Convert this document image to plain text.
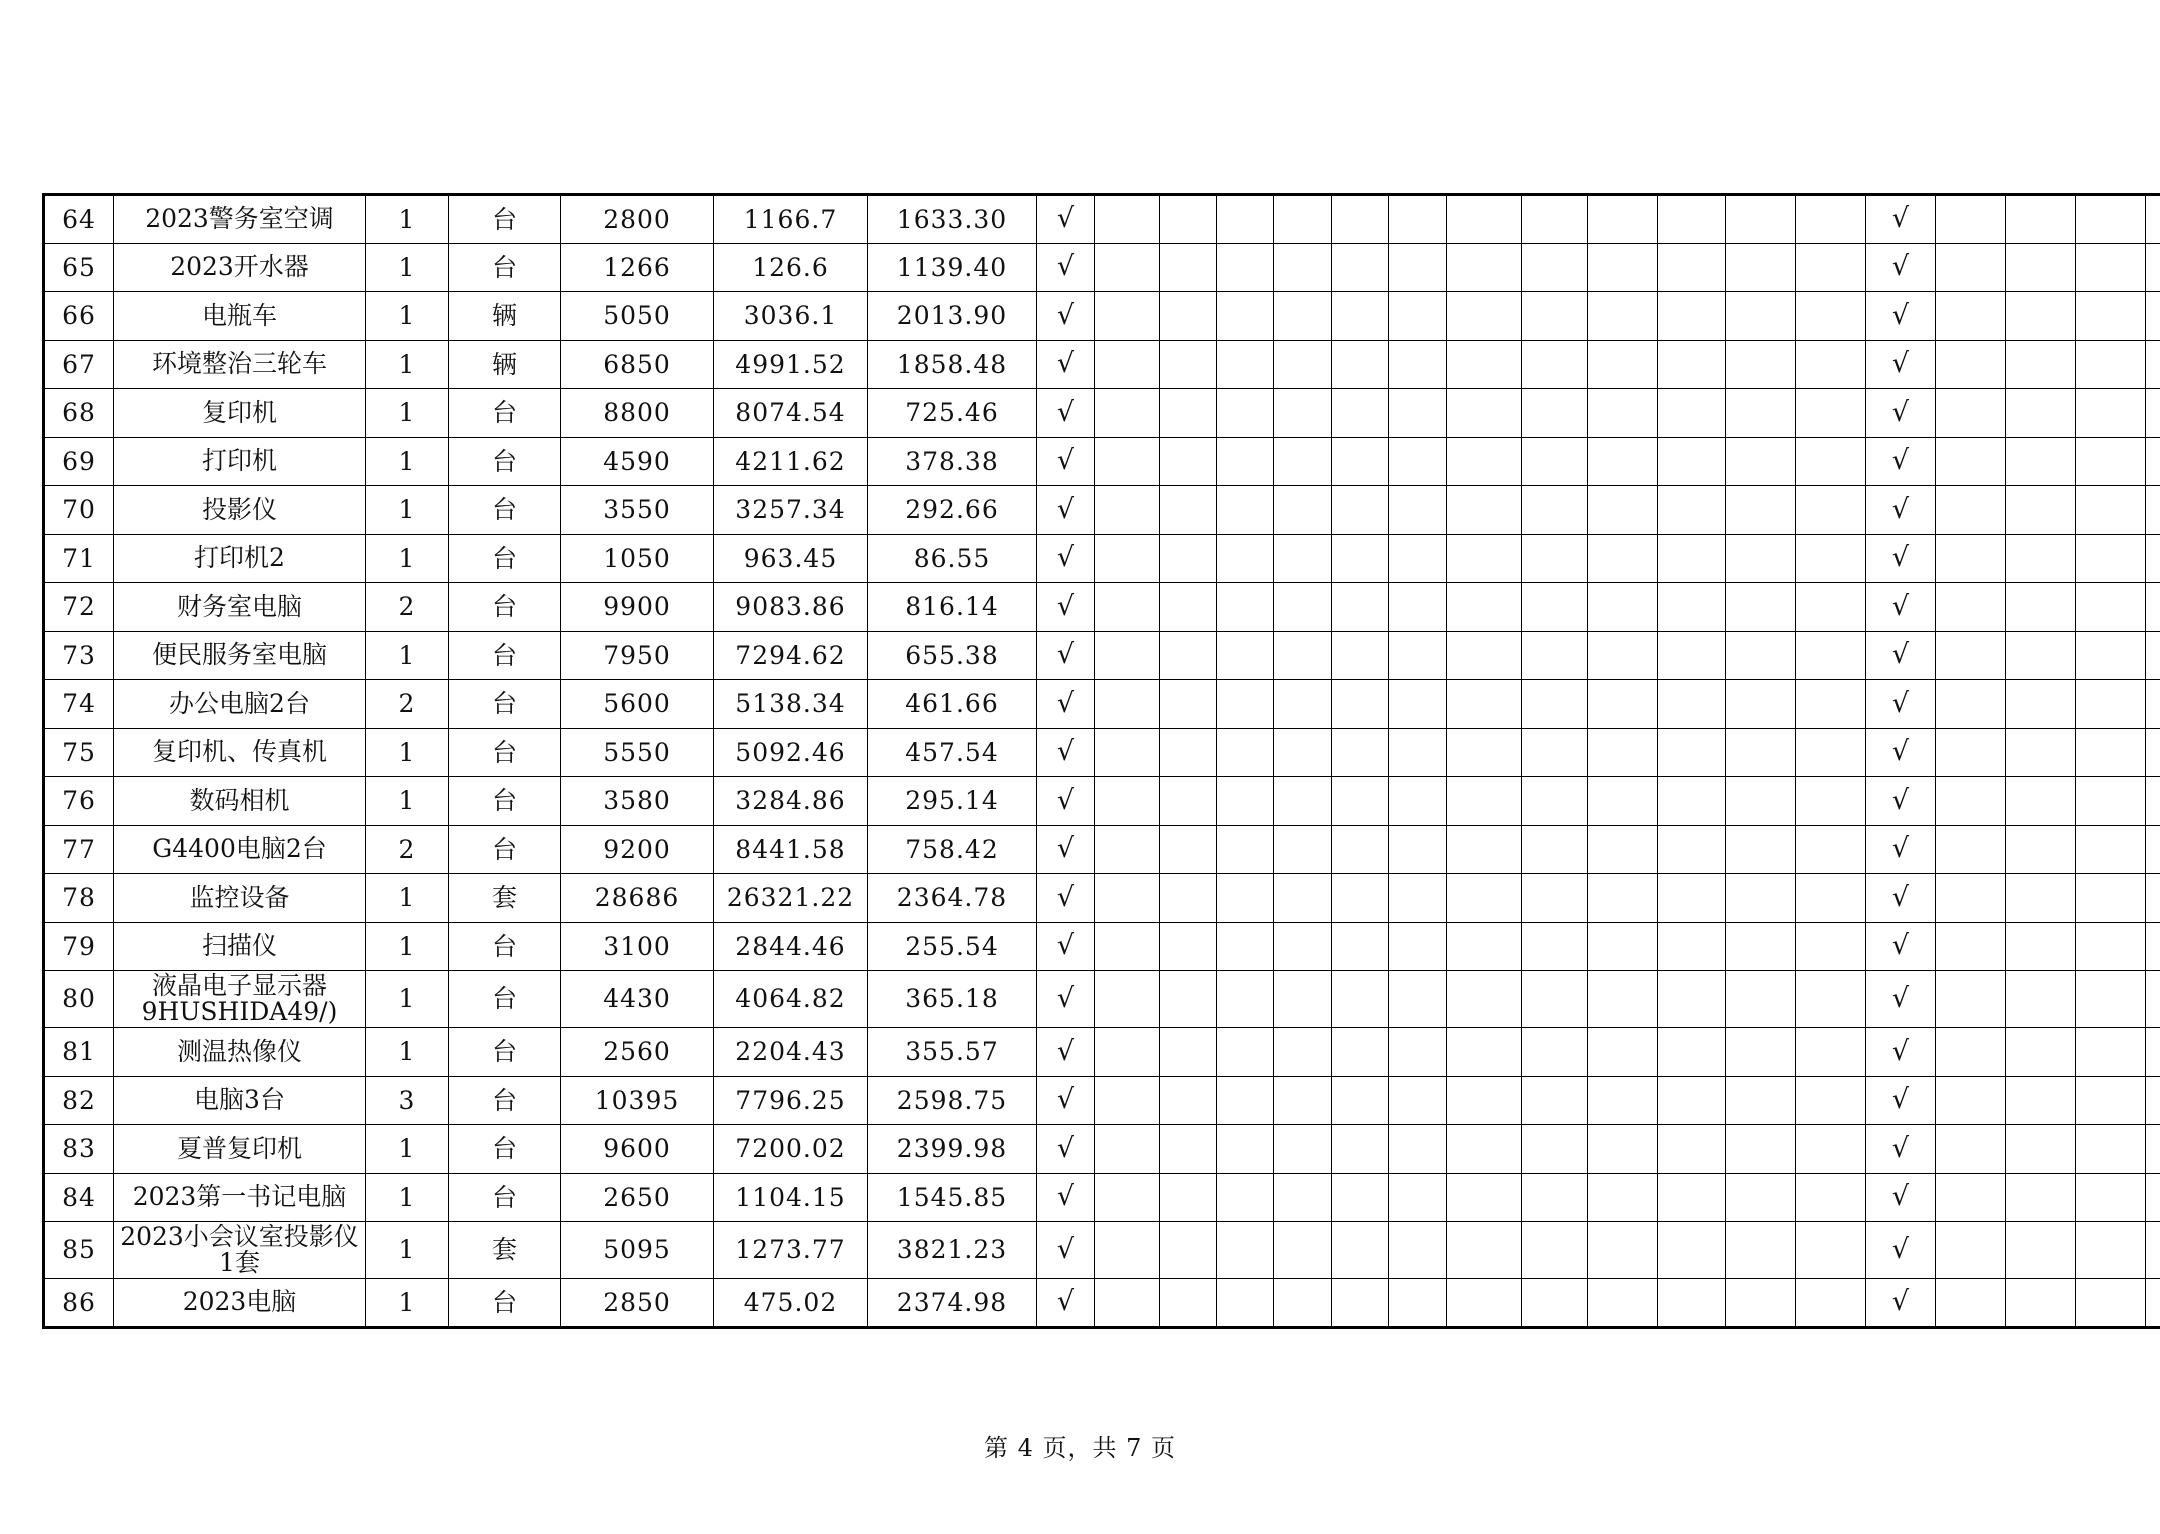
64	2023警务室空调	1	台	2800	1166.7	1633.30	√													√						
65	2023开水器	1	台	1266	126.6	1139.40	√													√						
66	电瓶车	1	辆	5050	3036.1	2013.90	√													√						
67	环境整治三轮车	1	辆	6850	4991.52	1858.48	√													√						
68	复印机	1	台	8800	8074.54	725.46	√													√						
69	打印机	1	台	4590	4211.62	378.38	√													√						
70	投影仪	1	台	3550	3257.34	292.66	√													√						
71	打印机2	1	台	1050	963.45	86.55	√													√						
72	财务室电脑	2	台	9900	9083.86	816.14	√													√						
73	便民服务室电脑	1	台	7950	7294.62	655.38	√													√						
74	办公电脑2台	2	台	5600	5138.34	461.66	√													√						
75	复印机、传真机	1	台	5550	5092.46	457.54	√													√						
76	数码相机	1	台	3580	3284.86	295.14	√													√						
77	G4400电脑2台	2	台	9200	8441.58	758.42	√													√						
78	监控设备	1	套	28686	26321.22	2364.78	√													√						
79	扫描仪	1	台	3100	2844.46	255.54	√													√						
80	液晶电子显示器 9HUSHIDA49/)	1	台	4430	4064.82	365.18	√													√						
81	测温热像仪	1	台	2560	2204.43	355.57	√													√						
82	电脑3台	3	台	10395	7796.25	2598.75	√													√						
83	夏普复印机	1	台	9600	7200.02	2399.98	√													√						
84	2023第一书记电脑	1	台	2650	1104.15	1545.85	√													√						
85	2023小会议室投影仪 1套	1	套	5095	1273.77	3821.23	√													√						
86	2023电脑	1	台	2850	475.02	2374.98	√													√						
第 4 页，共 7 页
